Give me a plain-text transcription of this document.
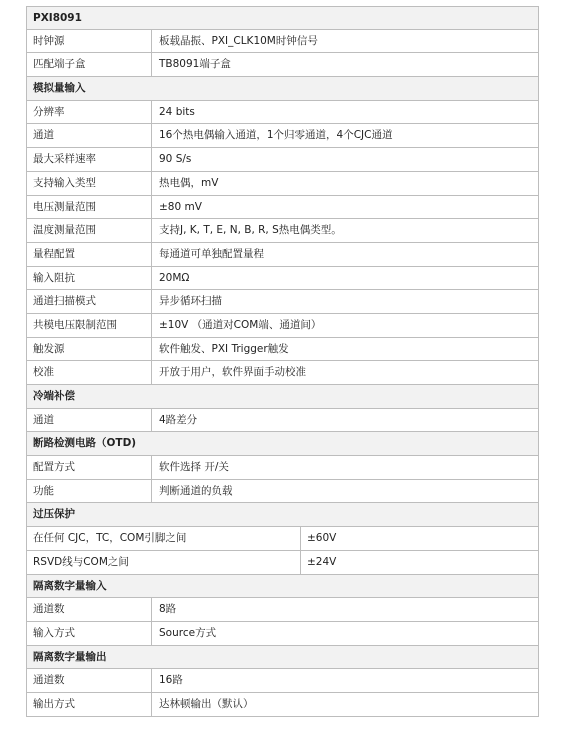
PXI8091
时钟源	板载晶振、PXI_CLK10M时钟信号
匹配端子盒	TB8091端子盒
模拟量输入
分辨率	24 bits
通道	16个热电偶输入通道，1个归零通道，4个CJC通道
最大采样速率	90 S/s
支持输入类型	热电偶，mV
电压测量范围	±80 mV
温度测量范围	支持J, K, T, E, N, B, R, S热电偶类型。
量程配置	每通道可单独配置量程
输入阻抗	20MΩ
通道扫描模式	异步循环扫描
共模电压限制范围	±10V （通道对COM端、通道间）
触发源	软件触发、PXI Trigger触发
校准	开放于用户，软件界面手动校准
冷端补偿
通道	4路差分
断路检测电路（OTD)
配置方式	软件选择 开/关
功能	判断通道的负载
过压保护
在任何 CJC，TC，COM引脚之间	±60V
RSVD线与COM之间	±24V
隔离数字量输入
通道数	8路
输入方式	Source方式
隔离数字量输出
通道数	16路
输出方式	达林顿输出（默认）
